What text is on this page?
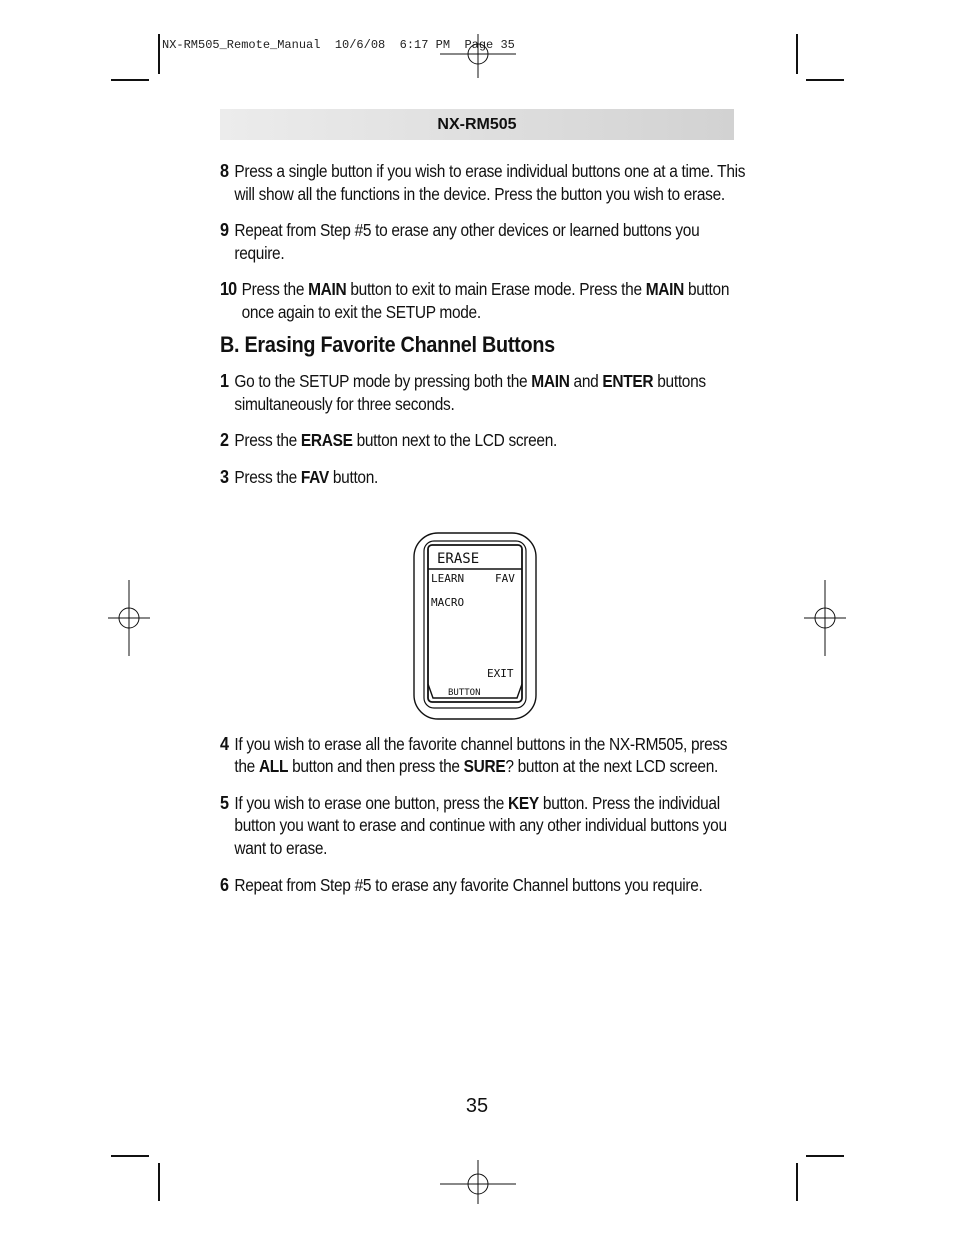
NX-RM505_Remote_Manual  10/6/08  6:17 PM  Page 35
NX-RM505
8 Press a single button if you wish to erase individual buttons one at a time. This will show all the functions in the device. Press the button you wish to erase.
9 Repeat from Step #5 to erase any other devices or learned buttons you require.
10 Press the MAIN button to exit to main Erase mode. Press the MAIN button once again to exit the SETUP mode.
B. Erasing Favorite Channel Buttons
1 Go to the SETUP mode by pressing both the MAIN and ENTER buttons simultaneously for three seconds.
2 Press the ERASE button next to the LCD screen.
3 Press the FAV button.
4 If you wish to erase all the favorite channel buttons in the NX-RM505, press the ALL button and then press the SURE? button at the next LCD screen.
5 If you wish to erase one button, press the KEY button. Press the individual button you want to erase and continue with any other individual buttons you want to erase.
6 Repeat from Step #5 to erase any favorite Channel buttons you require.
ERASE
LEARN	FAV
MACRO
EXIT
BUTTON
35
